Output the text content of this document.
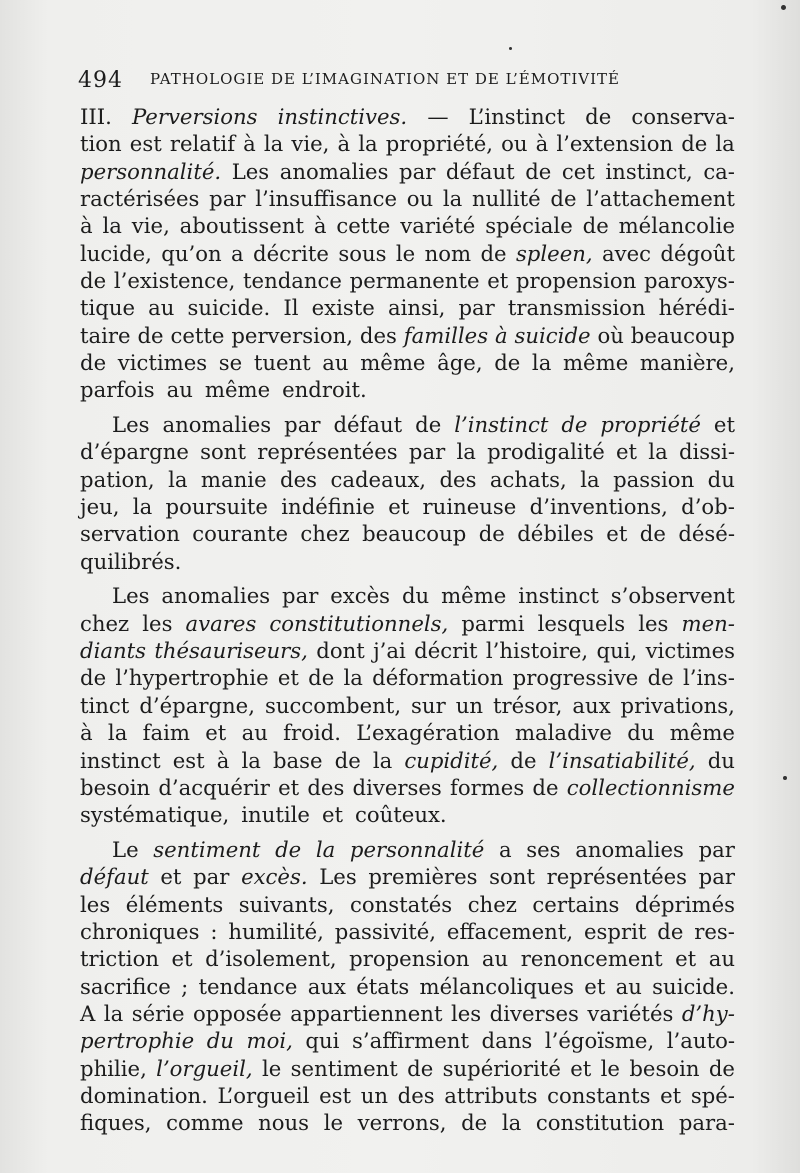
494 PATHOLOGIE DE L’IMAGINATION ET DE L’ÉMOTIVITÉ
III. Perversions instinctives. — L’instinct de conserva-
tion est relatif à la vie, à la propriété, ou à l’extension de la
personnalité. Les anomalies par défaut de cet instinct, ca-
ractérisées par l’insuffisance ou la nullité de l’attachement
à la vie, aboutissent à cette variété spéciale de mélancolie
lucide, qu’on a décrite sous le nom de spleen, avec dégoût
de l’existence, tendance permanente et propension paroxys-
tique au suicide. Il existe ainsi, par transmission hérédi-
taire de cette perversion, des familles à suicide où beaucoup
de victimes se tuent au même âge, de la même manière,
parfois au même endroit.
Les anomalies par défaut de l’instinct de propriété et
d’épargne sont représentées par la prodigalité et la dissi-
pation, la manie des cadeaux, des achats, la passion du
jeu, la poursuite indéfinie et ruineuse d’inventions, d’ob-
servation courante chez beaucoup de débiles et de désé-
quilibrés.
Les anomalies par excès du même instinct s’observent
chez les avares constitutionnels, parmi lesquels les men-
diants thésauriseurs, dont j’ai décrit l’histoire, qui, victimes
de l’hypertrophie et de la déformation progressive de l’ins-
tinct d’épargne, succombent, sur un trésor, aux privations,
à la faim et au froid. L’exagération maladive du même
instinct est à la base de la cupidité, de l’insatiabilité, du
besoin d’acquérir et des diverses formes de collectionnisme
systématique, inutile et coûteux.
Le sentiment de la personnalité a ses anomalies par
défaut et par excès. Les premières sont représentées par
les éléments suivants, constatés chez certains déprimés
chroniques : humilité, passivité, effacement, esprit de res-
triction et d’isolement, propension au renoncement et au
sacrifice ; tendance aux états mélancoliques et au suicide.
A la série opposée appartiennent les diverses variétés d’hy-
pertrophie du moi, qui s’affirment dans l’égoïsme, l’auto-
philie, l’orgueil, le sentiment de supériorité et le besoin de
domination. L’orgueil est un des attributs constants et spé-
fiques, comme nous le verrons, de la constitution para-
